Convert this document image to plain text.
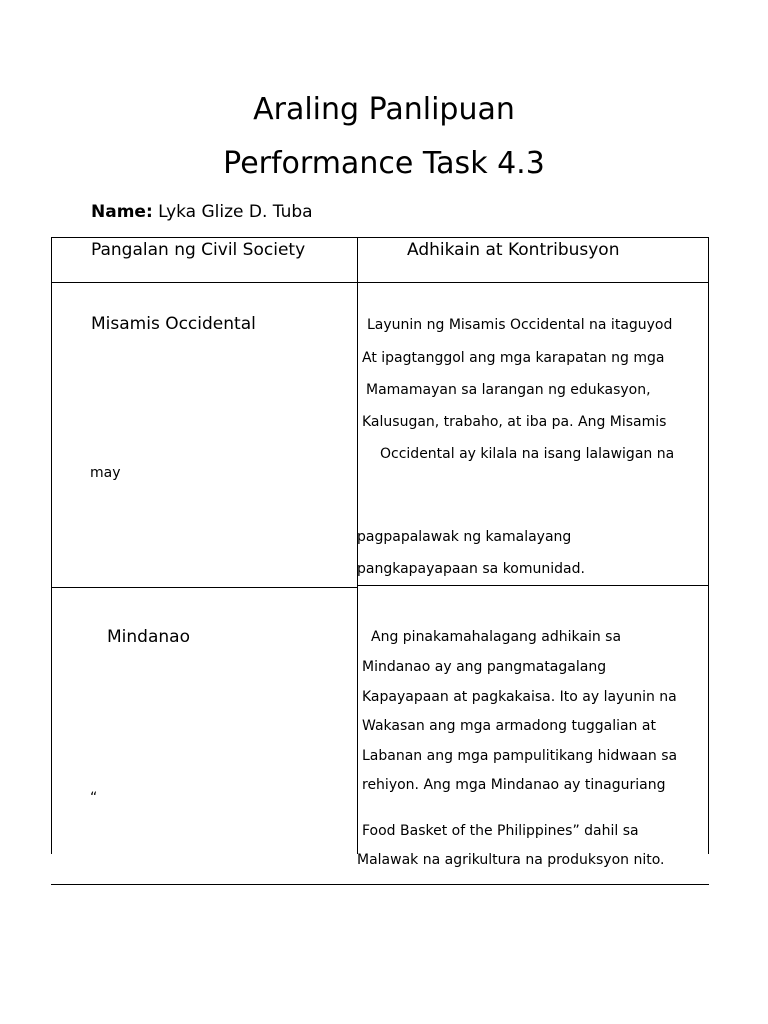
Araling Panlipuan
Performance Task 4.3
Name: Lyka Glize D. Tuba
Pangalan ng Civil Society	Adhikain at Kontribusyon
Misamis Occidental
may
Layunin ng Misamis Occidental na itaguyod
At ipagtanggol ang mga karapatan ng mga
Mamamayan sa larangan ng edukasyon,
Kalusugan, trabaho, at iba pa. Ang Misamis
Occidental ay kilala na isang lalawigan na
pagpapalawak ng kamalayang
pangkapayapaan sa komunidad.
Mindanao
“
Ang pinakamahalagang adhikain sa
Mindanao ay ang pangmatagalang
Kapayapaan at pagkakaisa. Ito ay layunin na
Wakasan ang mga armadong tuggalian at
Labanan ang mga pampulitikang hidwaan sa
rehiyon. Ang mga Mindanao ay tinaguriang
Food Basket of the Philippines” dahil sa
Malawak na agrikultura na produksyon nito.
